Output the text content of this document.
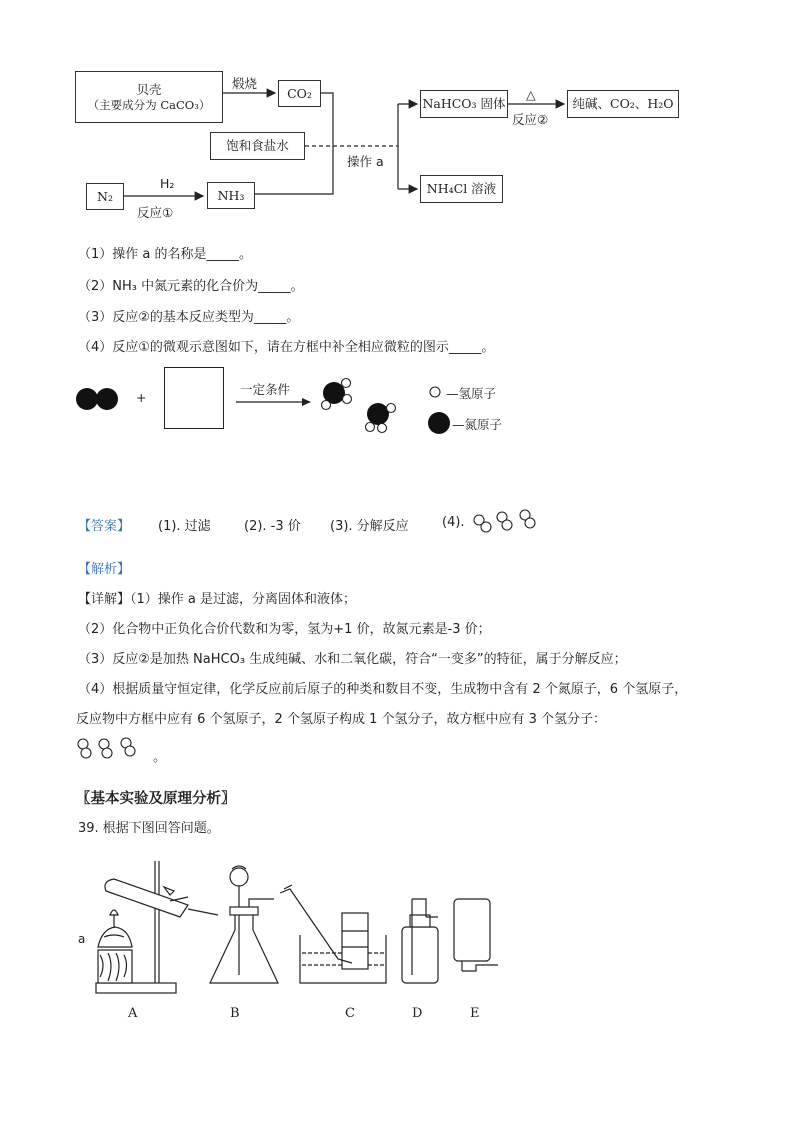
贝壳
（主要成分为 CaCO₃）
煅烧
CO₂
饱和食盐水
N₂
H₂
反应①
NH₃
操作 a
NaHCO₃ 固体
△
反应②
纯碱、CO₂、H₂O
NH₄Cl 溶液
（1）操作 a 的名称是_____。
（2）NH₃ 中氮元素的化合价为_____。
（3）反应②的基本反应类型为_____。
（4）反应①的微观示意图如下，请在方框中补全相应微粒的图示_____。
+
一定条件	—氢原子
—氮原子
【答案】 (1). 过滤	(2). -3 价 (3). 分解反应	(4).
【解析】
【详解】（1）操作 a 是过滤，分离固体和液体；
（2）化合物中正负化合价代数和为零，氢为+1 价，故氮元素是-3 价；
（3）反应②是加热 NaHCO₃ 生成纯碱、水和二氧化碳，符合“一变多”的特征，属于分解反应；
（4）根据质量守恒定律，化学反应前后原子的种类和数目不变，生成物中含有 2 个氮原子，6 个氢原子，
反应物中方框中应有 6 个氢原子，2 个氢原子构成 1 个氢分子，故方框中应有 3 个氢分子：
。
〖基本实验及原理分析〗
39. 根据下图回答问题。
a
A	B	C	D	E
